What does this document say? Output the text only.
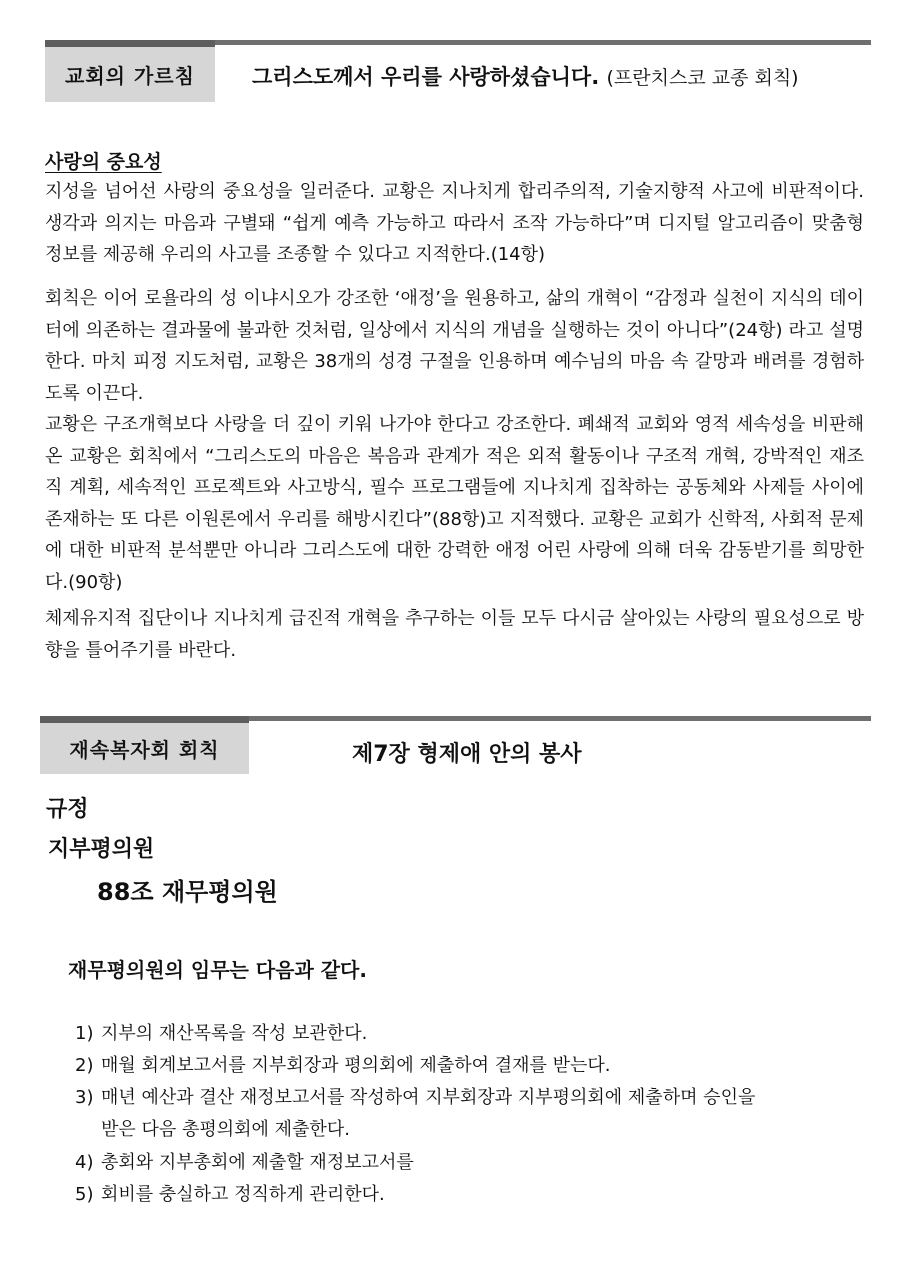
교회의 가르침	그리스도께서 우리를 사랑하셨습니다. (프란치스코 교종 회칙)
사랑의 중요성
지성을 넘어선 사랑의 중요성을 일러준다. 교황은 지나치게 합리주의적, 기술지향적 사고에 비판적이다. 생각과 의지는 마음과 구별돼 “쉽게 예측 가능하고 따라서 조작 가능하다”며 디지털 알고리즘이 맞춤형 정보를 제공해 우리의 사고를 조종할 수 있다고 지적한다.(14항)
회칙은 이어 로욜라의 성 이냐시오가 강조한 ‘애정’을 원용하고, 삶의 개혁이 “감정과 실천이 지식의 데이터에 의존하는 결과물에 불과한 것처럼, 일상에서 지식의 개념을 실행하는 것이 아니다”(24항) 라고 설명한다. 마치 피정 지도처럼, 교황은 38개의 성경 구절을 인용하며 예수님의 마음 속 갈망과 배려를 경험하도록 이끈다.
교황은 구조개혁보다 사랑을 더 깊이 키워 나가야 한다고 강조한다. 폐쇄적 교회와 영적 세속성을 비판해 온 교황은 회칙에서 “그리스도의 마음은 복음과 관계가 적은 외적 활동이나 구조적 개혁, 강박적인 재조직 계획, 세속적인 프로젝트와 사고방식, 필수 프로그램들에 지나치게 집착하는 공동체와 사제들 사이에 존재하는 또 다른 이원론에서 우리를 해방시킨다”(88항)고 지적했다. 교황은 교회가 신학적, 사회적 문제에 대한 비판적 분석뿐만 아니라 그리스도에 대한 강력한 애정 어린 사랑에 의해 더욱 감동받기를 희망한다.(90항)
체제유지적 집단이나 지나치게 급진적 개혁을 추구하는 이들 모두 다시금 살아있는 사랑의 필요성으로 방향을 틀어주기를 바란다.
재속복자회 회칙	제7장 형제애 안의 봉사
규정
지부평의원
88조 재무평의원
재무평의원의 임무는 다음과 같다.
1) 지부의 재산목록을 작성 보관한다.
2) 매월 회계보고서를 지부회장과 평의회에 제출하여 결재를 받는다.
3) 매년 예산과 결산 재정보고서를 작성하여 지부회장과 지부평의회에 제출하며 승인을
받은 다음 총평의회에 제출한다.
4) 총회와 지부총회에 제출할 재정보고서를
5) 회비를 충실하고 정직하게 관리한다.
